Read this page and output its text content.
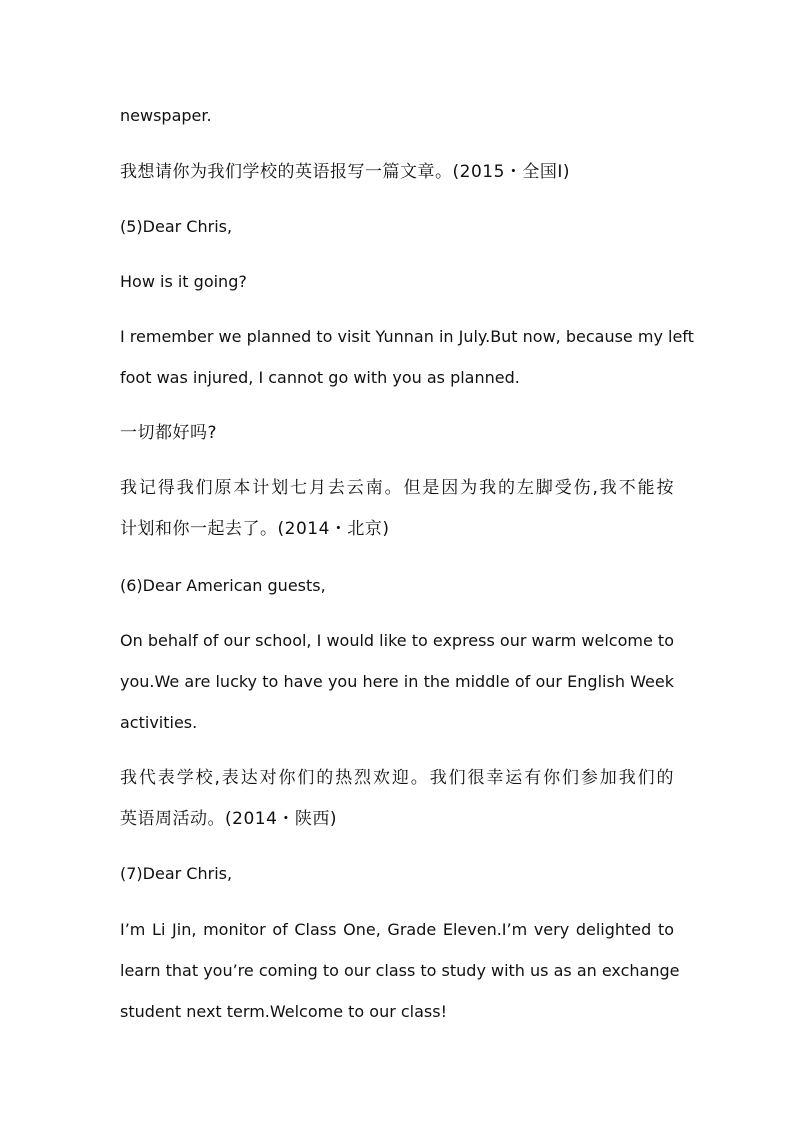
newspaper.
我想请你为我们学校的英语报写一篇文章。(2015・全国Ⅰ)
(5)Dear Chris,
How is it going?
I remember we planned to visit Yunnan in July.But now, because my left
foot was injured, I cannot go with you as planned.
一切都好吗?
我记得我们原本计划七月去云南。但是因为我的左脚受伤,我不能按
计划和你一起去了。(2014・北京)
(6)Dear American guests,
On behalf of our school, I would like to express our warm welcome to
you.We are lucky to have you here in the middle of our English Week
activities.
我代表学校,表达对你们的热烈欢迎。我们很幸运有你们参加我们的
英语周活动。(2014・陕西)
(7)Dear Chris,
I’m Li Jin, monitor of Class One, Grade Eleven.I’m very delighted to
learn that you’re coming to our class to study with us as an exchange
student next term.Welcome to our class!
